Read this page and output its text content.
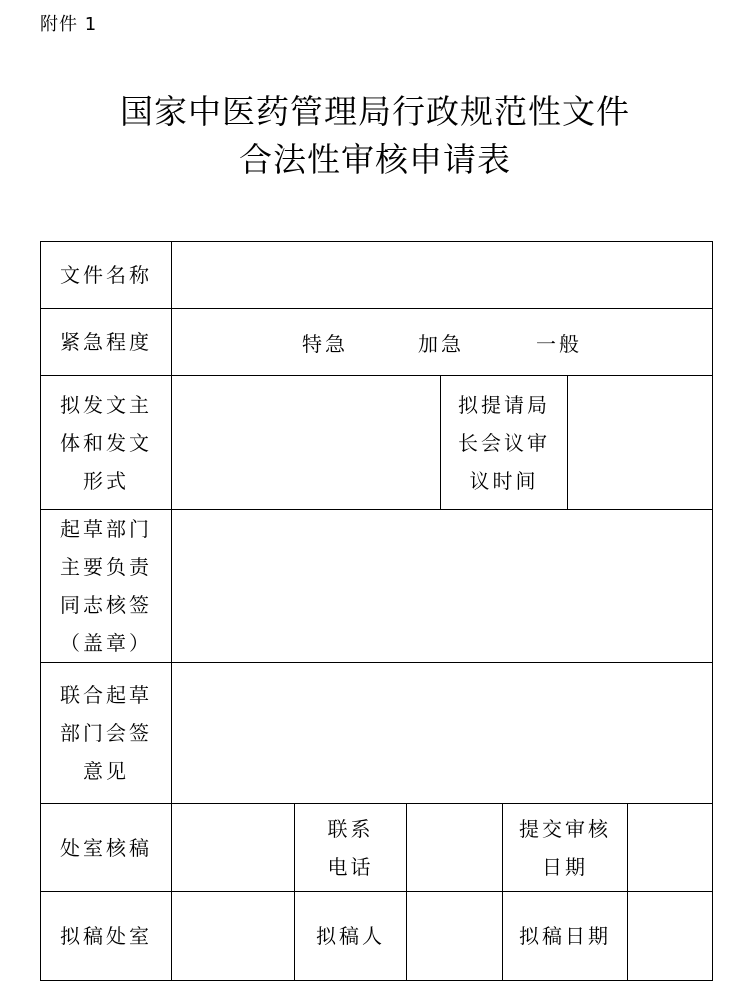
附件 1
国家中医药管理局行政规范性文件
合法性审核申请表
文件名称							
紧急程度	特急 加急 一般						
拟发文主体和发文形式				拟提请局长会议审议时间			
起草部门主要负责同志核签（盖章）							
联合起草部门会签意见							
处室核稿		联系电话			提交审核日期		
拟稿处室		拟稿人			拟稿日期		
